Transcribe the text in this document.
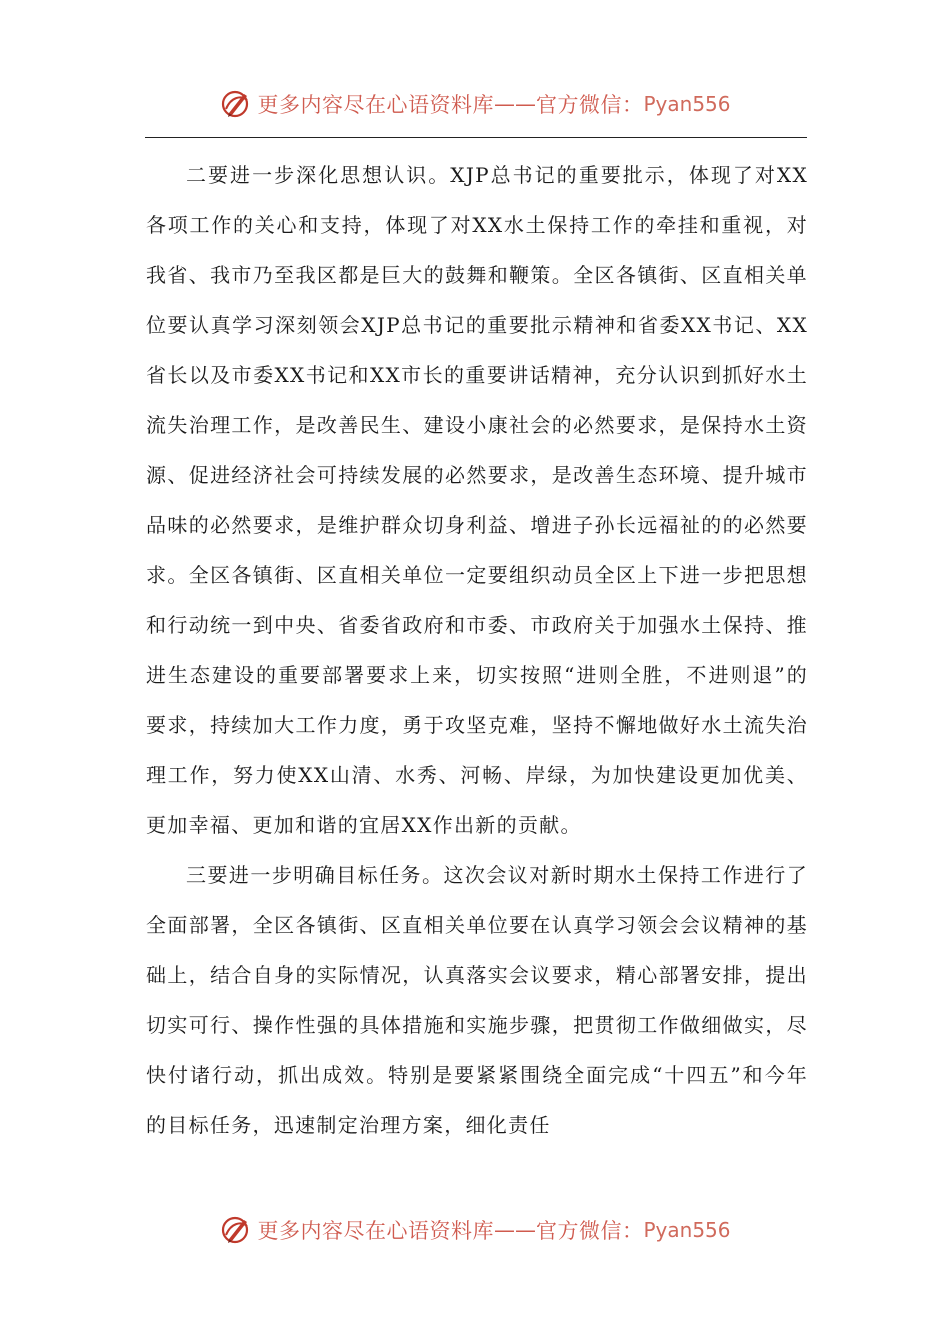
更多内容尽在心语资料库 —— 官方微信： Pyan556

二要进一步深化思想认识。XJP总书记的重要批示，体现了对XX各项工作的关心和支持，体现了对XX水土保持工作的牵挂和重视，对我省、我市乃至我区都是巨大的鼓舞和鞭策。全区各镇街、区直相关单位要认真学习深刻领会XJP总书记的重要批示精神和省委XX书记、XX省长以及市委XX书记和XX市长的重要讲话精神，充分认识到抓好水土流失治理工作，是改善民生、建设小康社会的必然要求，是保持水土资源、促进经济社会可持续发展的必然要求，是改善生态环境、提升城市品味的必然要求，是维护群众切身利益、增进子孙长远福祉的的必然要求。全区各镇街、区直相关单位一定要组织动员全区上下进一步把思想和行动统一到中央、省委省政府和市委、市政府关于加强水土保持、推进生态建设的重要部署要求上来，切实按照“进则全胜，不进则退”的要求，持续加大工作力度，勇于攻坚克难，坚持不懈地做好水土流失治理工作，努力使XX山清、水秀、河畅、岸绿，为加快建设更加优美、更加幸福、更加和谐的宜居XX作出新的贡献。

三要进一步明确目标任务。这次会议对新时期水土保持工作进行了全面部署，全区各镇街、区直相关单位要在认真学习领会会议精神的基础上，结合自身的实际情况，认真落实会议要求，精心部署安排，提出切实可行、操作性强的具体措施和实施步骤，把贯彻工作做细做实，尽快付诸行动，抓出成效。特别是要紧紧围绕全面完成“十四五”和今年的目标任务，迅速制定治理方案，细化责任

更多内容尽在心语资料库 —— 官方微信： Pyan556
